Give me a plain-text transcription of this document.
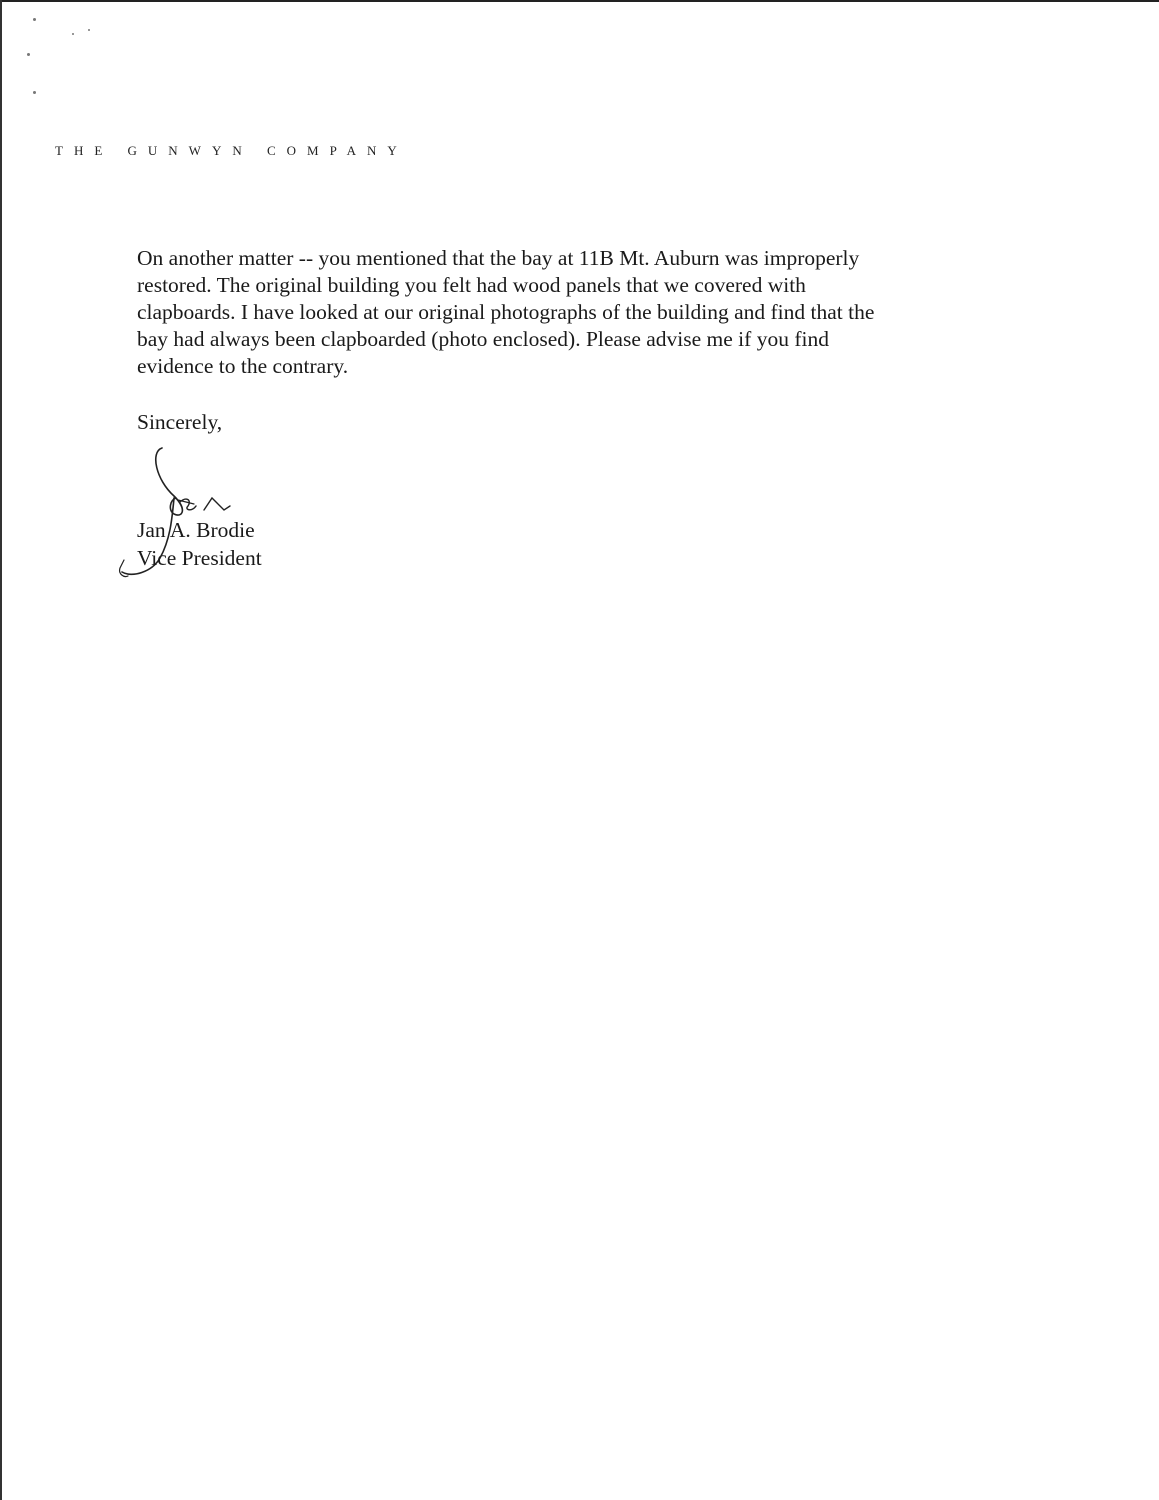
THE GUNWYN COMPANY

On another matter -- you mentioned that the bay at 11B Mt. Auburn was improperly

restored. The original building you felt had wood panels that we covered with

clapboards. I have looked at our original photographs of the building and find that the

bay had always been clapboarded (photo enclosed). Please advise me if you find

evidence to the contrary.

Sincerely,
Jan A. Brodie
Vice President
